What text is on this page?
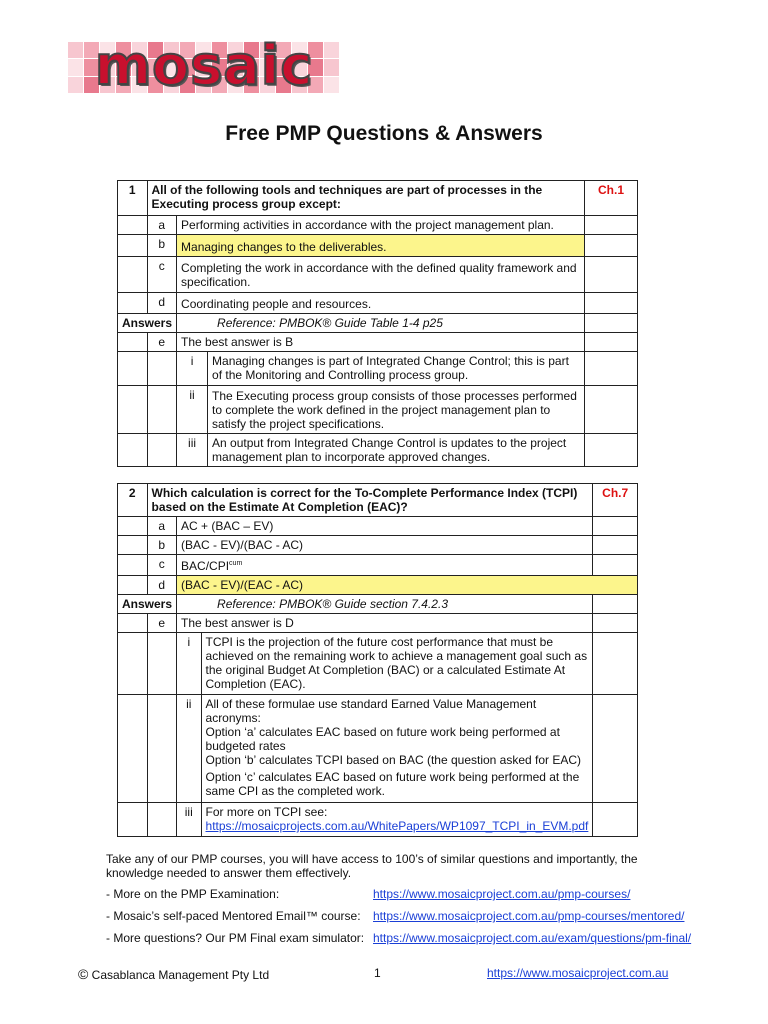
mosaic
Free PMP Questions & Answers
1	All of the following tools and techniques are part of processes in the Executing process group except:			Ch.1
	a	Performing activities in accordance with the project management plan.		
	b	Managing changes to the deliverables.		
	c	Completing the work in accordance with the defined quality framework and specification.		
	d	Coordinating people and resources.		
Answers		Reference: PMBOK® Guide Table 1-4 p25		
	e	The best answer is B		
		i	Managing changes is part of Integrated Change Control; this is part of the Monitoring and Controlling process group.	
		ii	The Executing process group consists of those processes performed to complete the work defined in the project management plan to satisfy the project specifications.	
		iii	An output from Integrated Change Control is updates to the project management plan to incorporate approved changes.	
2	Which calculation is correct for the To-Complete Performance Index (TCPI) based on the Estimate At Completion (EAC)?			Ch.7
	a	AC + (BAC – EV)		
	b	(BAC - EV)/(BAC - AC)		
	c	BAC/$CPI^{cum}$	
	d	(BAC - EV)/(EAC - AC)		
Answers		Reference: PMBOK® Guide section 7.4.2.3		
	e	The best answer is D		
		i	TCPI is the projection of the future cost performance that must be achieved on the remaining work to achieve a management goal such as the original Budget At Completion (BAC) or a calculated Estimate At Completion (EAC).	
		ii	All of these formulae use standard Earned Value Management acronyms:
Option ‘a’ calculates EAC based on future work being performed at budgeted rates
Option ‘b’ calculates TCPI based on BAC (the question asked for EAC)
Option ‘c’ calculates EAC based on future work being performed at the same CPI as the completed work.	

		iii	For more on TCPI see:
https://mosaicprojects.com.au/WhitePapers/WP1097_TCPI_in_EVM.pdf	
Take any of our PMP courses, you will have access to 100’s of similar questions and importantly, the knowledge needed to answer them effectively.
- More on the PMP Examination:	https://www.mosaicproject.com.au/pmp-courses/
- Mosaic’s self-paced Mentored Email™ course: https://www.mosaicproject.com.au/pmp-courses/mentored/
- More questions? Our PM Final exam simulator: https://www.mosaicproject.com.au/exam/questions/pm-final/
© Casablanca Management Pty Ltd	1	https://www.mosaicproject.com.au
